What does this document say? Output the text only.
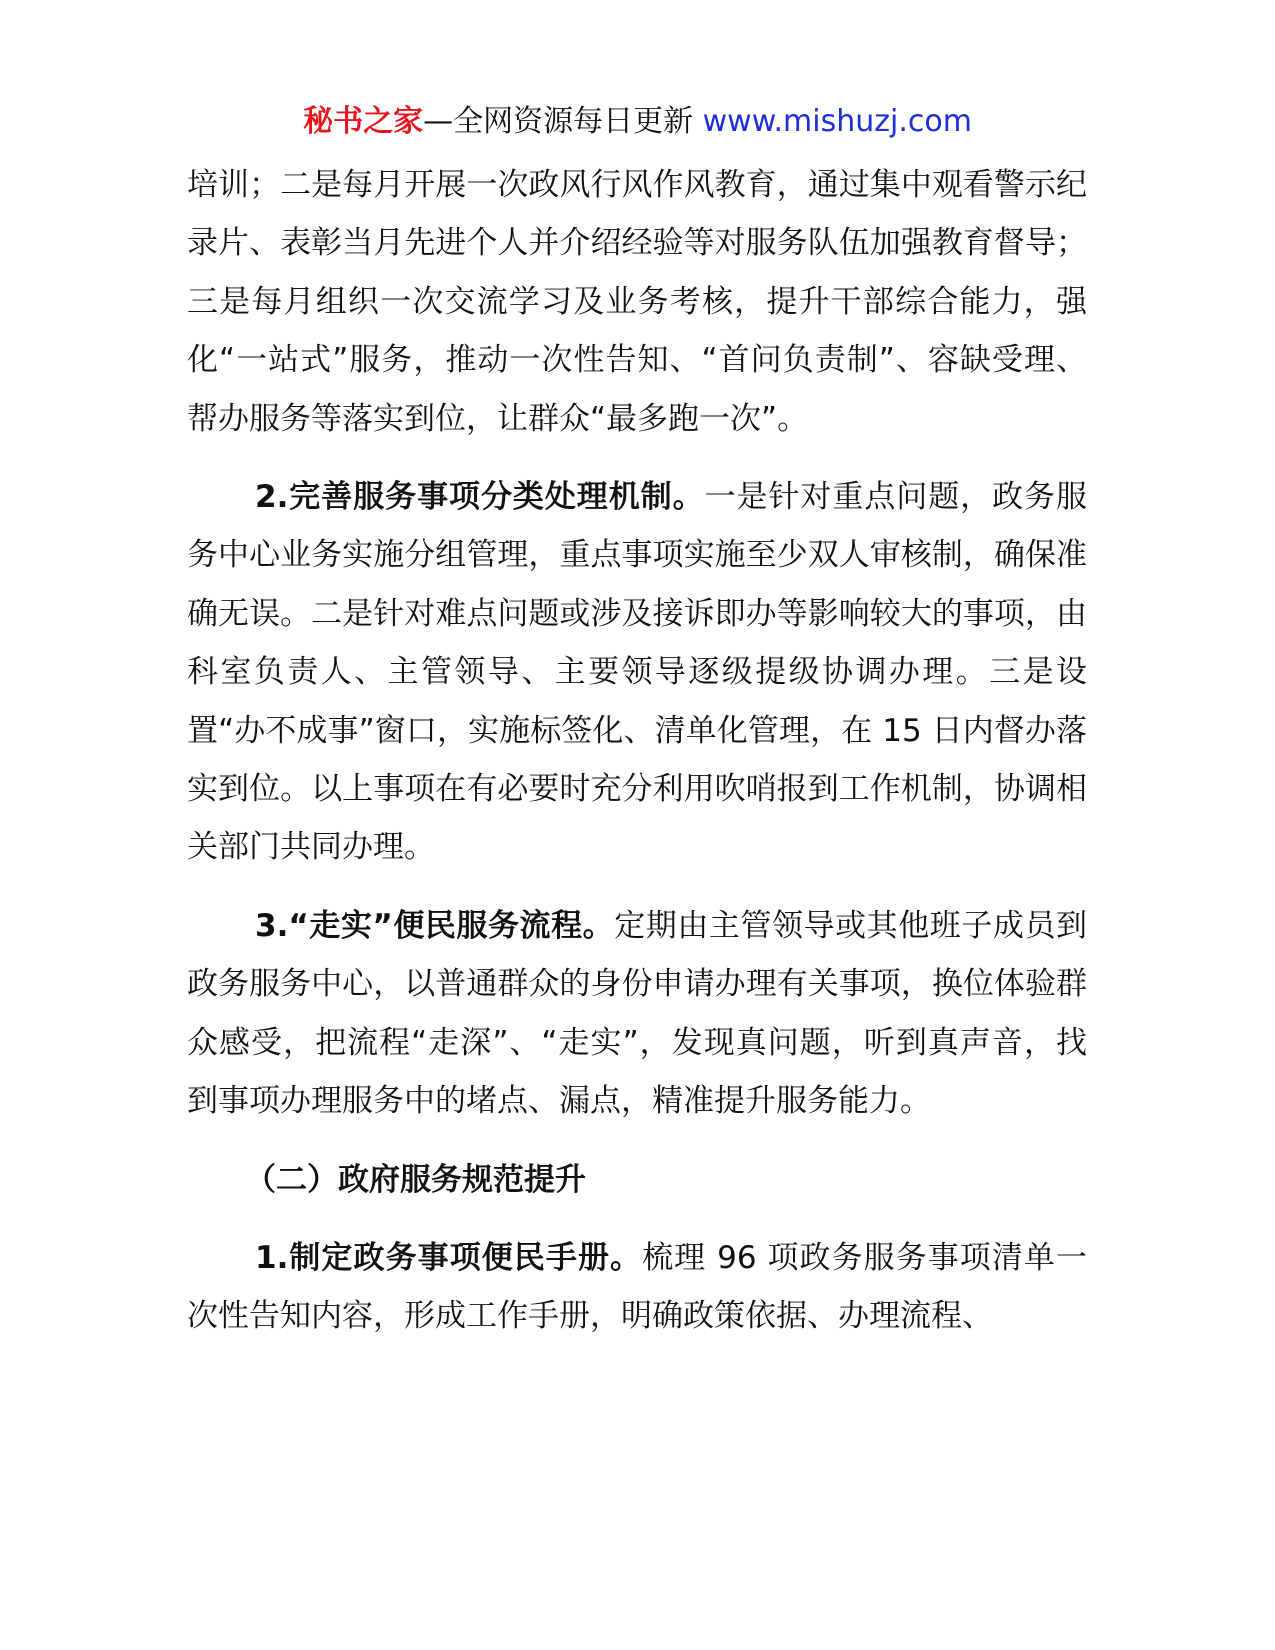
秘书之家—全网资源每日更新 www.mishuzj.com

培训；二是每月开展一次政风行风作风教育，通过集中观看警示纪录片、表彰当月先进个人并介绍经验等对服务队伍加强教育督导；三是每月组织一次交流学习及业务考核，提升干部综合能力，强化“一站式”服务，推动一次性告知、“首问负责制”、容缺受理、帮办服务等落实到位，让群众“最多跑一次”。

2.完善服务事项分类处理机制。一是针对重点问题，政务服务中心业务实施分组管理，重点事项实施至少双人审核制，确保准确无误。二是针对难点问题或涉及接诉即办等影响较大的事项，由科室负责人、主管领导、主要领导逐级提级协调办理。三是设置“办不成事”窗口，实施标签化、清单化管理，在 15 日内督办落实到位。以上事项在有必要时充分利用吹哨报到工作机制，协调相关部门共同办理。

3.“走实”便民服务流程。定期由主管领导或其他班子成员到政务服务中心，以普通群众的身份申请办理有关事项，换位体验群众感受，把流程“走深”、“走实”，发现真问题，听到真声音，找到事项办理服务中的堵点、漏点，精准提升服务能力。

（二）政府服务规范提升

1.制定政务事项便民手册。梳理 96 项政务服务事项清单一次性告知内容，形成工作手册，明确政策依据、办理流程、
